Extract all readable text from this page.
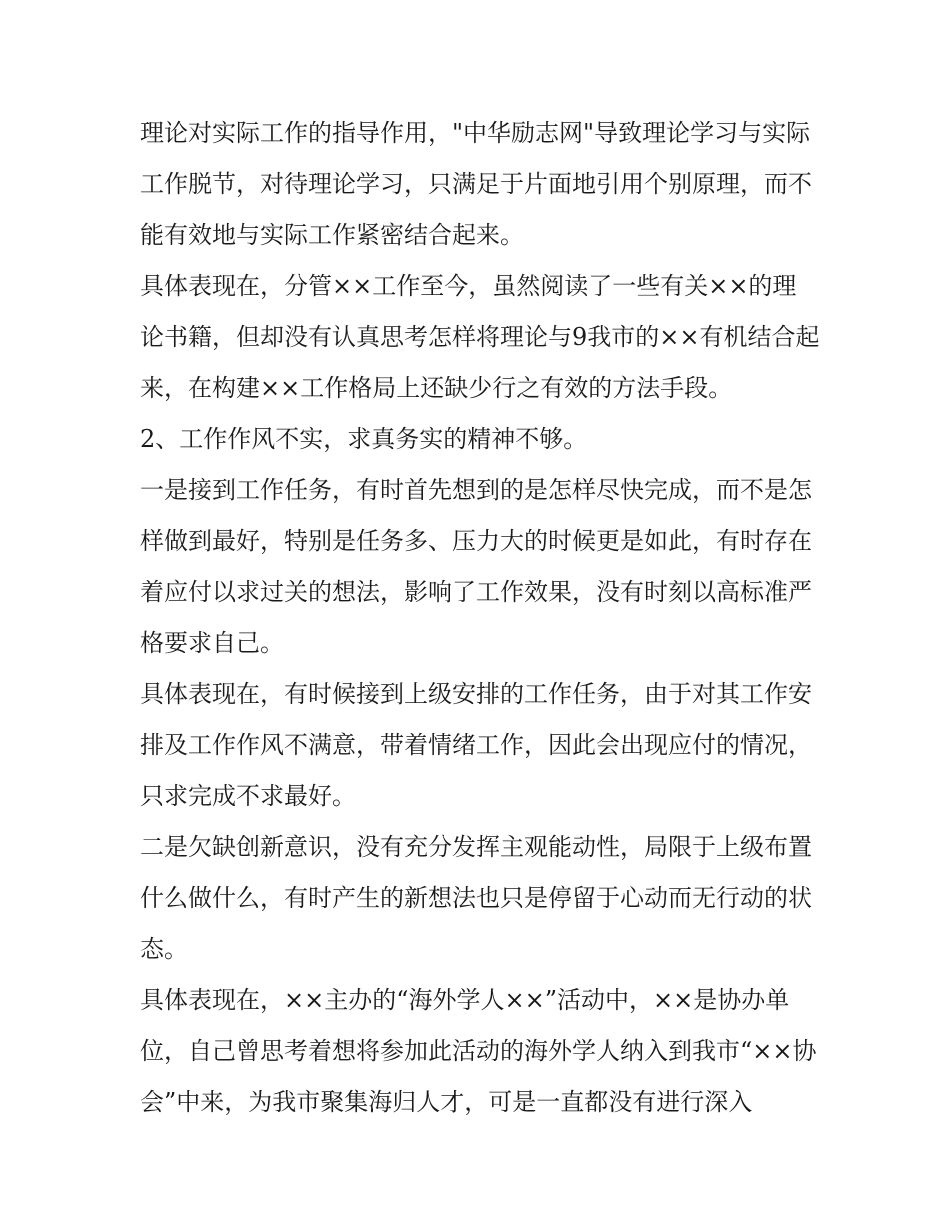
理论对实际工作的指导作用，"中华励志网"导致理论学习与实际工作脱节，对待理论学习，只满足于片面地引用个别原理，而不能有效地与实际工作紧密结合起来。

具体表现在，分管××工作至今，虽然阅读了一些有关××的理论书籍，但却没有认真思考怎样将理论与9我市的××有机结合起来，在构建××工作格局上还缺少行之有效的方法手段。

2、工作作风不实，求真务实的精神不够。

一是接到工作任务，有时首先想到的是怎样尽快完成，而不是怎样做到最好，特别是任务多、压力大的时候更是如此，有时存在着应付以求过关的想法，影响了工作效果，没有时刻以高标准严格要求自己。

具体表现在，有时候接到上级安排的工作任务，由于对其工作安排及工作作风不满意，带着情绪工作，因此会出现应付的情况，只求完成不求最好。

二是欠缺创新意识，没有充分发挥主观能动性，局限于上级布置什么做什么，有时产生的新想法也只是停留于心动而无行动的状态。

具体表现在，××主办的“海外学人××”活动中，××是协办单

位，自己曾思考着想将参加此活动的海外学人纳入到我市“××协会”中来，为我市聚集海归人才，可是一直都没有进行深入
